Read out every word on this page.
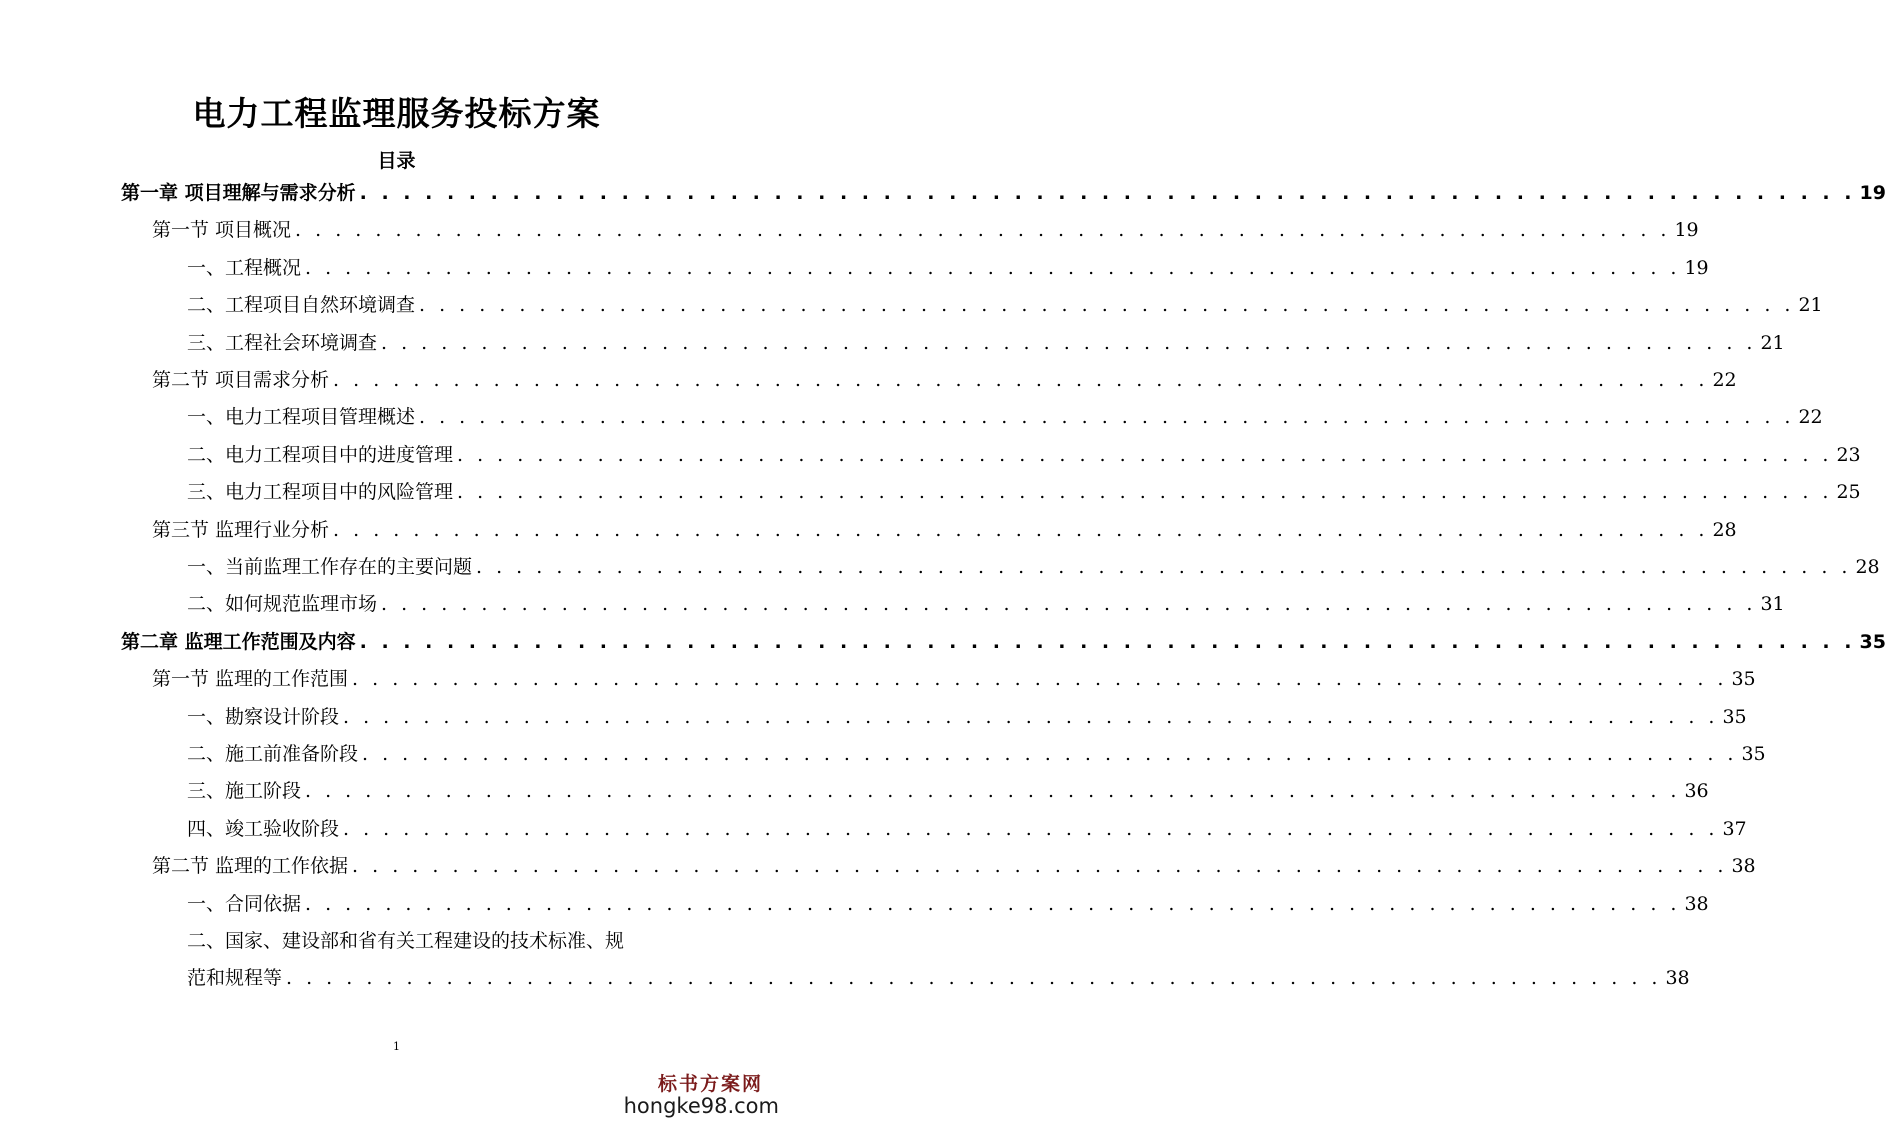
电力工程监理服务投标方案
目录
第一章 项目理解与需求分析 . . . . . . . . . . . . . . . . . . . . . . . . . . . . . . . . . . . . . . . . . . . . . . . . . . . . . . . . . . . . . . . . . . . . . 19
第一节 项目概况 . . . . . . . . . . . . . . . . . . . . . . . . . . . . . . . . . . . . . . . . . . . . . . . . . . . . . . . . . . . . . . . . . . . . . 19
一、工程概况 . . . . . . . . . . . . . . . . . . . . . . . . . . . . . . . . . . . . . . . . . . . . . . . . . . . . . . . . . . . . . . . . . . . . . 19
二、工程项目自然环境调查 . . . . . . . . . . . . . . . . . . . . . . . . . . . . . . . . . . . . . . . . . . . . . . . . . . . . . . . . . . . . . . . . . . . . . 21
三、工程社会环境调查 . . . . . . . . . . . . . . . . . . . . . . . . . . . . . . . . . . . . . . . . . . . . . . . . . . . . . . . . . . . . . . . . . . . . . 21
第二节 项目需求分析 . . . . . . . . . . . . . . . . . . . . . . . . . . . . . . . . . . . . . . . . . . . . . . . . . . . . . . . . . . . . . . . . . . . . . 22
一、电力工程项目管理概述 . . . . . . . . . . . . . . . . . . . . . . . . . . . . . . . . . . . . . . . . . . . . . . . . . . . . . . . . . . . . . . . . . . . . . 22
二、电力工程项目中的进度管理 . . . . . . . . . . . . . . . . . . . . . . . . . . . . . . . . . . . . . . . . . . . . . . . . . . . . . . . . . . . . . . . . . . . . . 23
三、电力工程项目中的风险管理 . . . . . . . . . . . . . . . . . . . . . . . . . . . . . . . . . . . . . . . . . . . . . . . . . . . . . . . . . . . . . . . . . . . . . 25
第三节 监理行业分析 . . . . . . . . . . . . . . . . . . . . . . . . . . . . . . . . . . . . . . . . . . . . . . . . . . . . . . . . . . . . . . . . . . . . . 28
一、当前监理工作存在的主要问题 . . . . . . . . . . . . . . . . . . . . . . . . . . . . . . . . . . . . . . . . . . . . . . . . . . . . . . . . . . . . . . . . . . . . . 28
二、如何规范监理市场 . . . . . . . . . . . . . . . . . . . . . . . . . . . . . . . . . . . . . . . . . . . . . . . . . . . . . . . . . . . . . . . . . . . . . 31
第二章 监理工作范围及内容 . . . . . . . . . . . . . . . . . . . . . . . . . . . . . . . . . . . . . . . . . . . . . . . . . . . . . . . . . . . . . . . . . . . . . 35
第一节 监理的工作范围 . . . . . . . . . . . . . . . . . . . . . . . . . . . . . . . . . . . . . . . . . . . . . . . . . . . . . . . . . . . . . . . . . . . . . 35
一、勘察设计阶段 . . . . . . . . . . . . . . . . . . . . . . . . . . . . . . . . . . . . . . . . . . . . . . . . . . . . . . . . . . . . . . . . . . . . . 35
二、施工前准备阶段 . . . . . . . . . . . . . . . . . . . . . . . . . . . . . . . . . . . . . . . . . . . . . . . . . . . . . . . . . . . . . . . . . . . . . 35
三、施工阶段 . . . . . . . . . . . . . . . . . . . . . . . . . . . . . . . . . . . . . . . . . . . . . . . . . . . . . . . . . . . . . . . . . . . . . 36
四、竣工验收阶段 . . . . . . . . . . . . . . . . . . . . . . . . . . . . . . . . . . . . . . . . . . . . . . . . . . . . . . . . . . . . . . . . . . . . . 37
第二节 监理的工作依据 . . . . . . . . . . . . . . . . . . . . . . . . . . . . . . . . . . . . . . . . . . . . . . . . . . . . . . . . . . . . . . . . . . . . . 38
一、合同依据 . . . . . . . . . . . . . . . . . . . . . . . . . . . . . . . . . . . . . . . . . . . . . . . . . . . . . . . . . . . . . . . . . . . . . 38
二、国家、建设部和省有关工程建设的技术标准、规
范和规程等 . . . . . . . . . . . . . . . . . . . . . . . . . . . . . . . . . . . . . . . . . . . . . . . . . . . . . . . . . . . . . . . . . . . . . 38
1
标书方案网
hongke98.com
